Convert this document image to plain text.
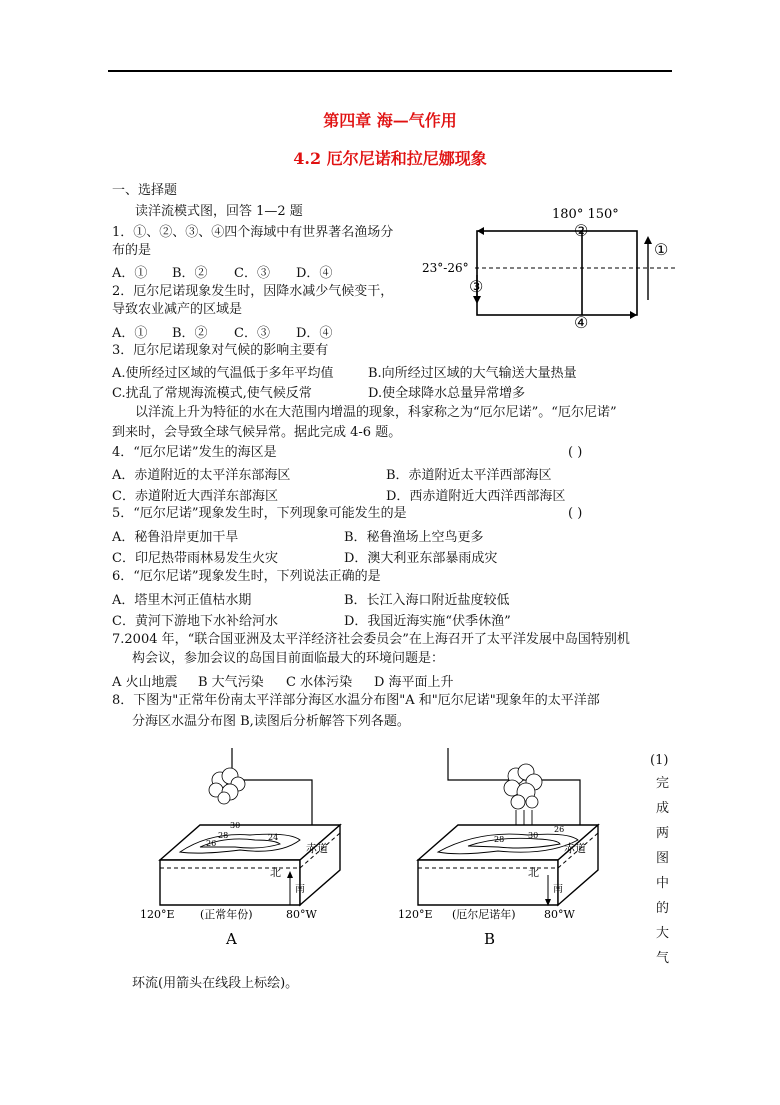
第四章 海—气作用
4.2 厄尔尼诺和拉尼娜现象
一、选择题
读洋流模式图，回答 1—2 题
1．①、②、③、④四个海域中有世界著名渔场分
布的是
A．① B．② C．③ D．④
2．厄尔尼诺现象发生时，因降水减少气候变干，
导致农业减产的区域是
A．① B．② C．③ D．④
180° 150°
23°-26°
①
②
③
④
3．厄尔尼诺现象对气候的影响主要有
A.使所经过区域的气温低于多年平均值	B.向所经过区域的大气输送大量热量
C.扰乱了常规海流模式,使气候反常	D.使全球降水总量异常增多
以洋流上升为特征的水在大范围内增温的现象，科家称之为“厄尔尼诺”。“厄尔尼诺”
到来时，会导致全球气候异常。据此完成 4-6 题。
4．“厄尔尼诺”发生的海区是	( )
A．赤道附近的太平洋东部海区	B．赤道附近太平洋西部海区
C．赤道附近大西洋东部海区	D．西赤道附近大西洋西部海区
5．“厄尔尼诺”现象发生时，下列现象可能发生的是	( )
A．秘鲁沿岸更加干旱	B．秘鲁渔场上空鸟更多
C．印尼热带雨林易发生火灾	D．澳大利亚东部暴雨成灾
6．“厄尔尼诺”现象发生时，下列说法正确的是
A．塔里木河正值枯水期	B．长江入海口附近盐度较低
C．黄河下游地下水补给河水	D．我国近海实施“伏季休渔”
7.2004 年，“联合国亚洲及太平洋经济社会委员会”在上海召开了太平洋发展中岛国特别机
构会议，参加会议的岛国目前面临最大的环境问题是：
A 火山地震 B 大气污染 C 水体污染 D 海平面上升
8．下图为"正常年份南太平洋部分海区水温分布图"A 和"厄尔尼诺"现象年的太平洋部
分海区水温分布图 B,读图后分析解答下列各题。
30
28
26
24
赤道
北
南
120°E (正常年份)	80°W
A
30
28
26
赤道
北
南
120°E (厄尔尼诺年)	80°W
B
(1)
完
成
两
图
中
的
大
气
环流(用箭头在线段上标绘)。
